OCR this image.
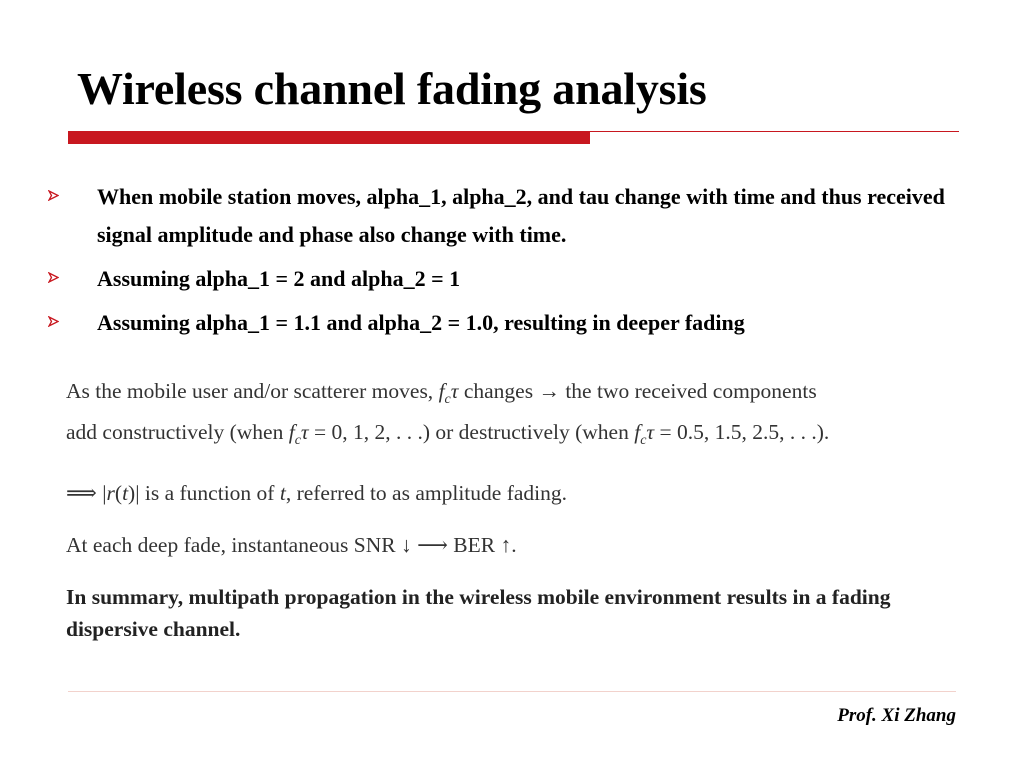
Wireless channel fading analysis
When mobile station moves, alpha_1, alpha_2, and tau change with time and thus received signal amplitude and phase also change with time.
Assuming alpha_1 = 2 and alpha_2 = 1
Assuming alpha_1 = 1.1 and alpha_2 = 1.0, resulting in deeper fading

As the mobile user and/or scatterer moves, $f_c\tau$ changes → the two received components

add constructively (when $f_c\tau = 0$, 1, 2, . . .) or destructively (when $f_c\tau = 0.5$, 1.5, 2.5, . . .).

⟹ |r(t)| is a function of t, referred to as amplitude fading.

At each deep fade, instantaneous SNR ↓ ⟶ BER ↑.

In summary, multipath propagation in the wireless mobile environment results in a fading dispersive channel.

Prof. Xi Zhang
